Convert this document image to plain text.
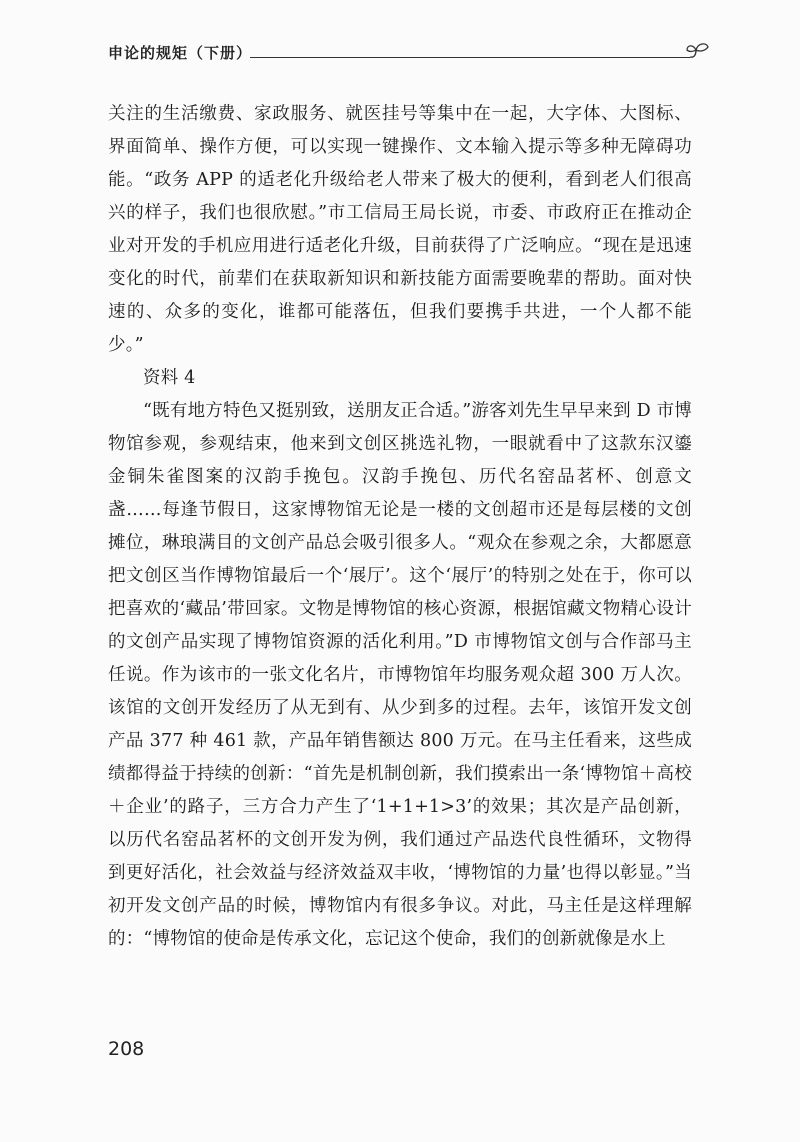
申论的规矩（下册）

关注的生活缴费、家政服务、就医挂号等集中在一起，大字体、大图标、界面简单、操作方便，可以实现一键操作、文本输入提示等多种无障碍功能。“政务 APP 的适老化升级给老人带来了极大的便利，看到老人们很高兴的样子，我们也很欣慰。”市工信局王局长说，市委、市政府正在推动企业对开发的手机应用进行适老化升级，目前获得了广泛响应。“现在是迅速变化的时代，前辈们在获取新知识和新技能方面需要晚辈的帮助。面对快速的、众多的变化，谁都可能落伍，但我们要携手共进，一个人都不能少。”

资料 4

“既有地方特色又挺别致，送朋友正合适。”游客刘先生早早来到 D 市博物馆参观，参观结束，他来到文创区挑选礼物，一眼就看中了这款东汉鎏金铜朱雀图案的汉韵手挽包。汉韵手挽包、历代名窑品茗杯、创意文盏……每逢节假日，这家博物馆无论是一楼的文创超市还是每层楼的文创摊位，琳琅满目的文创产品总会吸引很多人。“观众在参观之余，大都愿意把文创区当作博物馆最后一个‘展厅’。这个‘展厅’的特别之处在于，你可以把喜欢的‘藏品’带回家。文物是博物馆的核心资源，根据馆藏文物精心设计的文创产品实现了博物馆资源的活化利用。”D 市博物馆文创与合作部马主任说。作为该市的一张文化名片，市博物馆年均服务观众超 300 万人次。该馆的文创开发经历了从无到有、从少到多的过程。去年，该馆开发文创产品 377 种 461 款，产品年销售额达 800 万元。在马主任看来，这些成绩都得益于持续的创新：“首先是机制创新，我们摸索出一条‘博物馆＋高校＋企业’的路子，三方合力产生了‘1+1+1>3’的效果；其次是产品创新，以历代名窑品茗杯的文创开发为例，我们通过产品迭代良性循环，文物得到更好活化，社会效益与经济效益双丰收，‘博物馆的力量’也得以彰显。”当初开发文创产品的时候，博物馆内有很多争议。对此，马主任是这样理解的：“博物馆的使命是传承文化，忘记这个使命，我们的创新就像是水上

208
